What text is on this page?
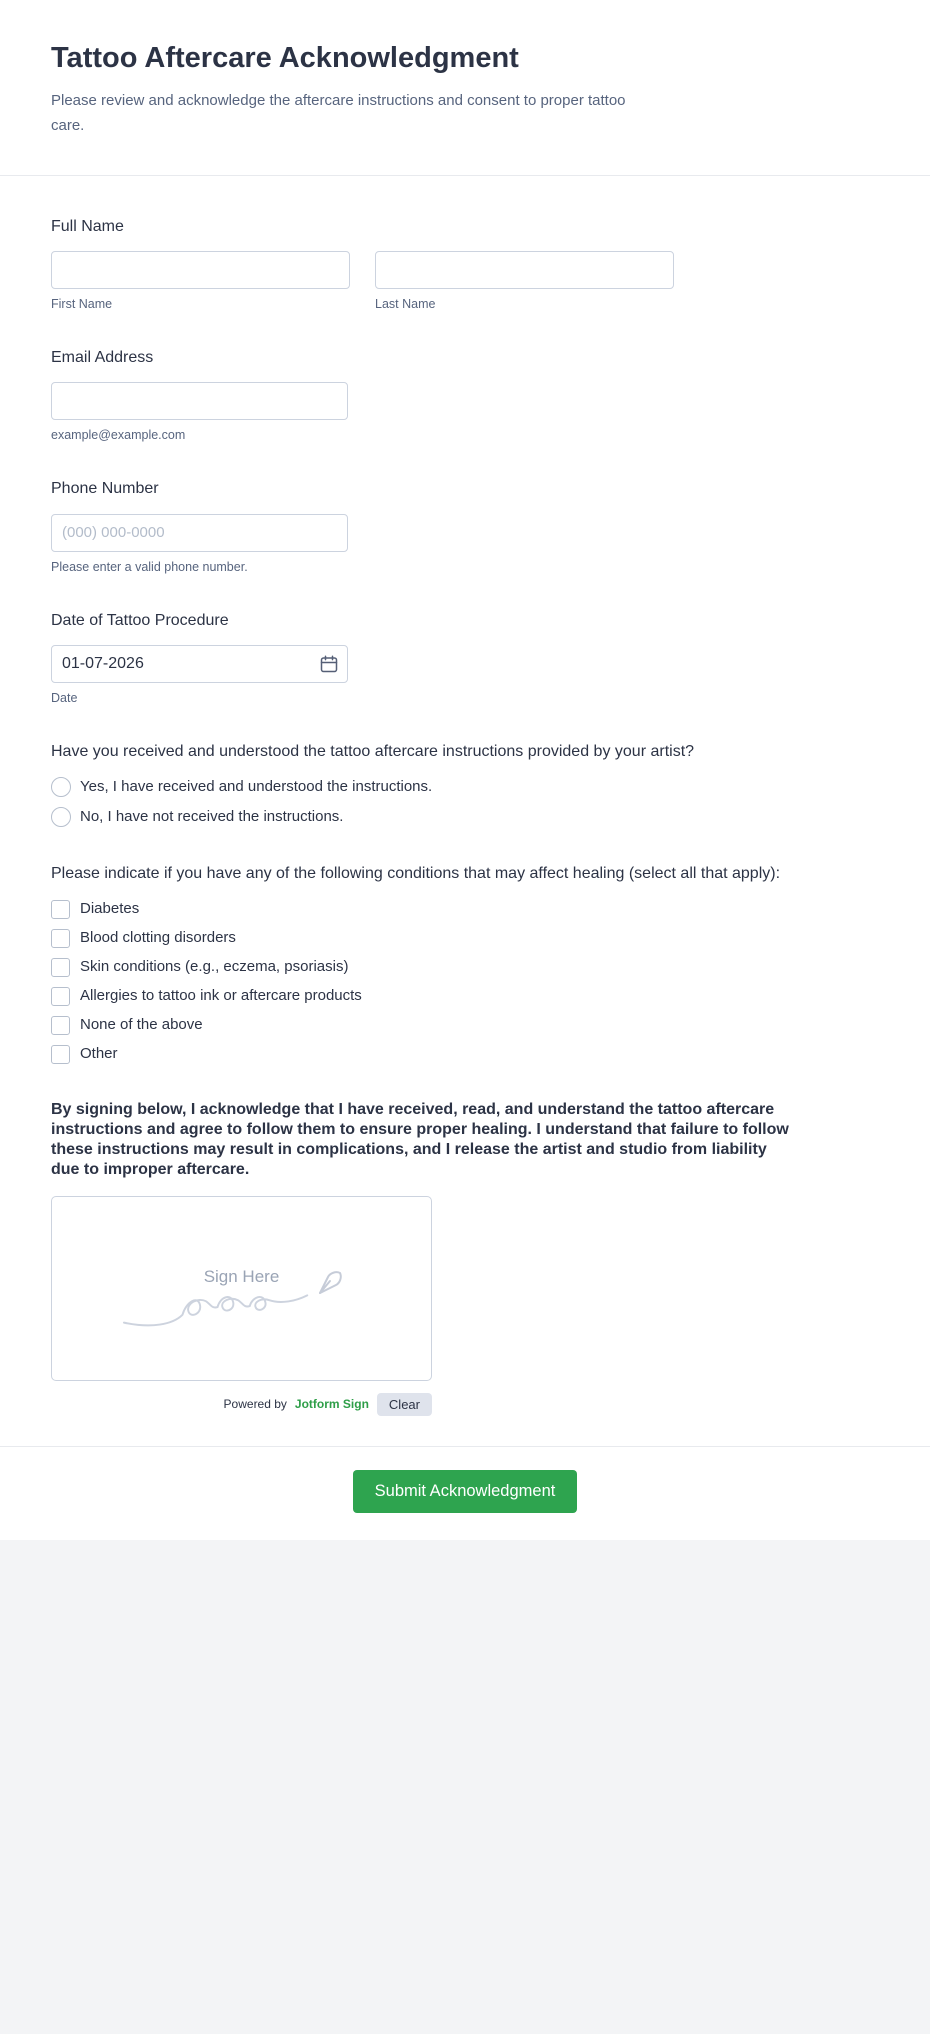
Tattoo Aftercare Acknowledgment

Please review and acknowledge the aftercare instructions and consent to proper tattoo care.

Full Name
First Name	Last Name
Email Address
example@example.com
Phone Number
(000) 000-0000
Please enter a valid phone number.
Date of Tattoo Procedure
01-07-2026
Date
Have you received and understood the tattoo aftercare instructions provided by your artist?
Yes, I have received and understood the instructions.
No, I have not received the instructions.
Please indicate if you have any of the following conditions that may affect healing (select all that apply):
Diabetes
Blood clotting disorders
Skin conditions (e.g., eczema, psoriasis)
Allergies to tattoo ink or aftercare products
None of the above
Other

By signing below, I acknowledge that I have received, read, and understand the tattoo aftercare instructions and agree to follow them to ensure proper healing. I understand that failure to follow these instructions may result in complications, and I release the artist and studio from liability due to improper aftercare.

Sign Here
Powered by Jotform Sign	Clear
Submit Acknowledgment
